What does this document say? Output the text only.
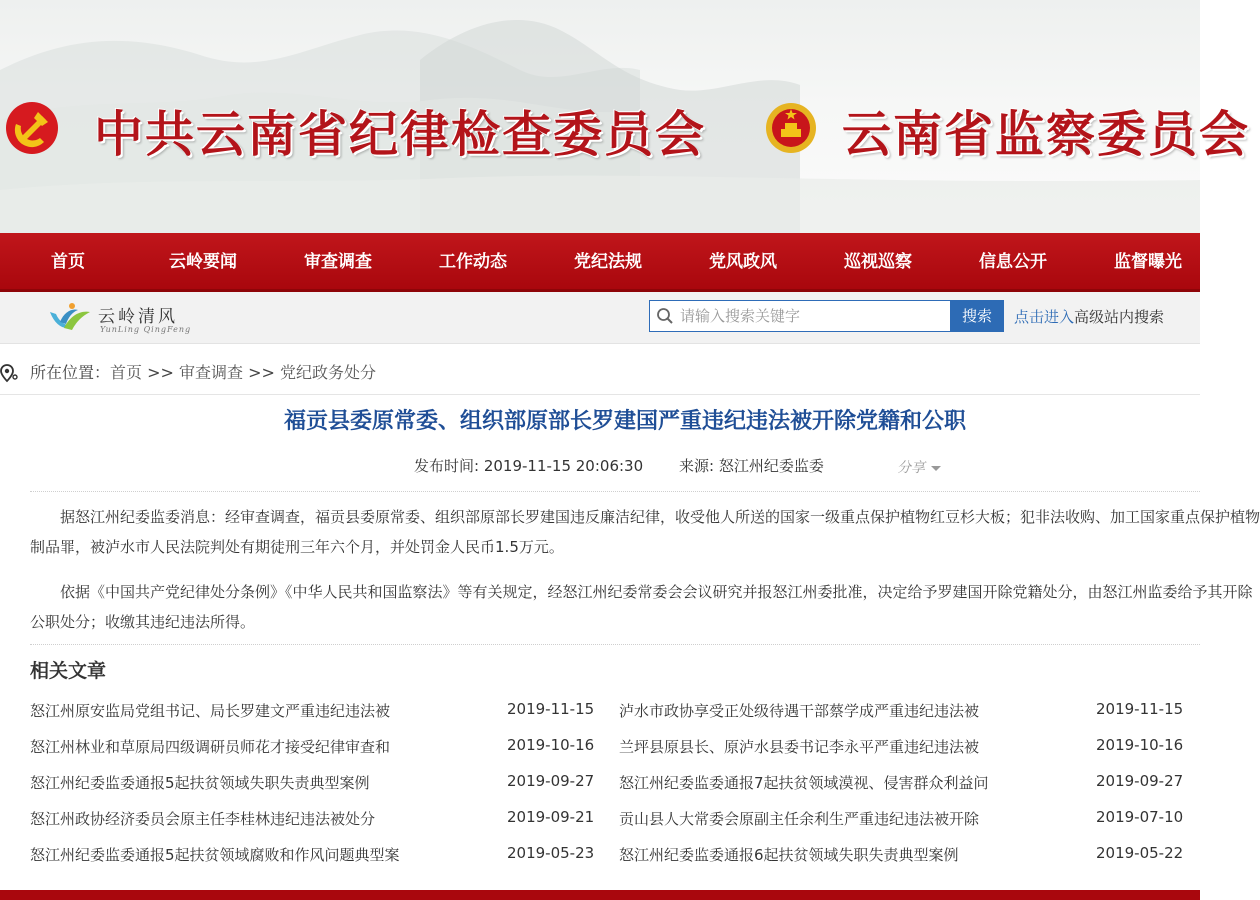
中共云南省纪律检查委员会	云南省监察委员会
首页	云岭要闻	审查调查	工作动态	党纪法规	党风政风	巡视巡察	信息公开	监督曝光
云岭清风
YunLing QingFeng
请输入搜索关键字
搜索	点击进入高级站内搜索
所在位置：首页 >> 审查调查 >> 党纪政务处分
福贡县委原常委、组织部原部长罗建国严重违纪违法被开除党籍和公职
发布时间: 2019-11-15 20:06:30 来源: 怒江州纪委监委	分享
据怒江州纪委监委消息：经审查调查，福贡县委原常委、组织部原部长罗建国违反廉洁纪律，收受他人所送的国家一级重点保护植物红豆杉大板；犯非法收购、加工国家重点保护植物制品罪，被泸水市人民法院判处有期徒刑三年六个月，并处罚金人民币1.5万元。
依据《中国共产党纪律处分条例》《中华人民共和国监察法》等有关规定，经怒江州纪委常委会会议研究并报怒江州委批准，决定给予罗建国开除党籍处分，由怒江州监委给予其开除公职处分；收缴其违纪违法所得。
相关文章
怒江州原安监局党组书记、局长罗建文严重违纪违法被	2019-11-15 泸水市政协享受正处级待遇干部蔡学成严重违纪违法被	2019-11-15
怒江州林业和草原局四级调研员师花才接受纪律审查和	2019-10-16 兰坪县原县长、原泸水县委书记李永平严重违纪违法被	2019-10-16
怒江州纪委监委通报5起扶贫领域失职失责典型案例	2019-09-27 怒江州纪委监委通报7起扶贫领域漠视、侵害群众利益问	2019-09-27
怒江州政协经济委员会原主任李桂林违纪违法被处分	2019-09-21 贡山县人大常委会原副主任余利生严重违纪违法被开除	2019-07-10
怒江州纪委监委通报5起扶贫领域腐败和作风问题典型案	2019-05-23 怒江州纪委监委通报6起扶贫领域失职失责典型案例	2019-05-22
